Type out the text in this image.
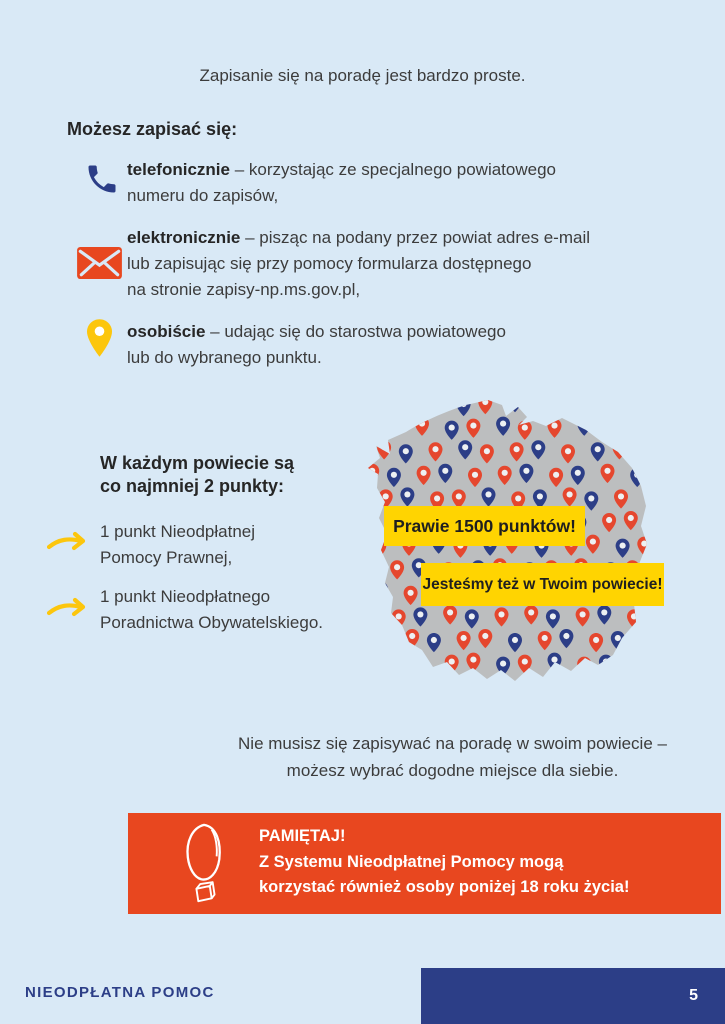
Zapisanie się na poradę jest bardzo proste.

Możesz zapisać się:

telefonicznie – korzystając ze specjalnego powiatowego
numeru do zapisów,
elektronicznie – pisząc na podany przez powiat adres e-mail
lub zapisując się przy pomocy formularza dostępnego
na stronie zapisy-np.ms.gov.pl,
osobiście – udając się do starostwa powiatowego
lub do wybranego punktu.

W każdym powiecie są
co najmniej 2 punkty:

1 punkt Nieodpłatnej
Pomocy Prawnej,

1 punkt Nieodpłatnego
Poradnictwa Obywatelskiego.

Prawie 1500 punktów!
Jesteśmy też w Twoim powiecie!

Nie musisz się zapisywać na poradę w swoim powiecie –
możesz wybrać dogodne miejsce dla siebie.

PAMIĘTAJ!
Z Systemu Nieodpłatnej Pomocy mogą
korzystać również osoby poniżej 18 roku życia!

NIEODPŁATNA POMOC	5
